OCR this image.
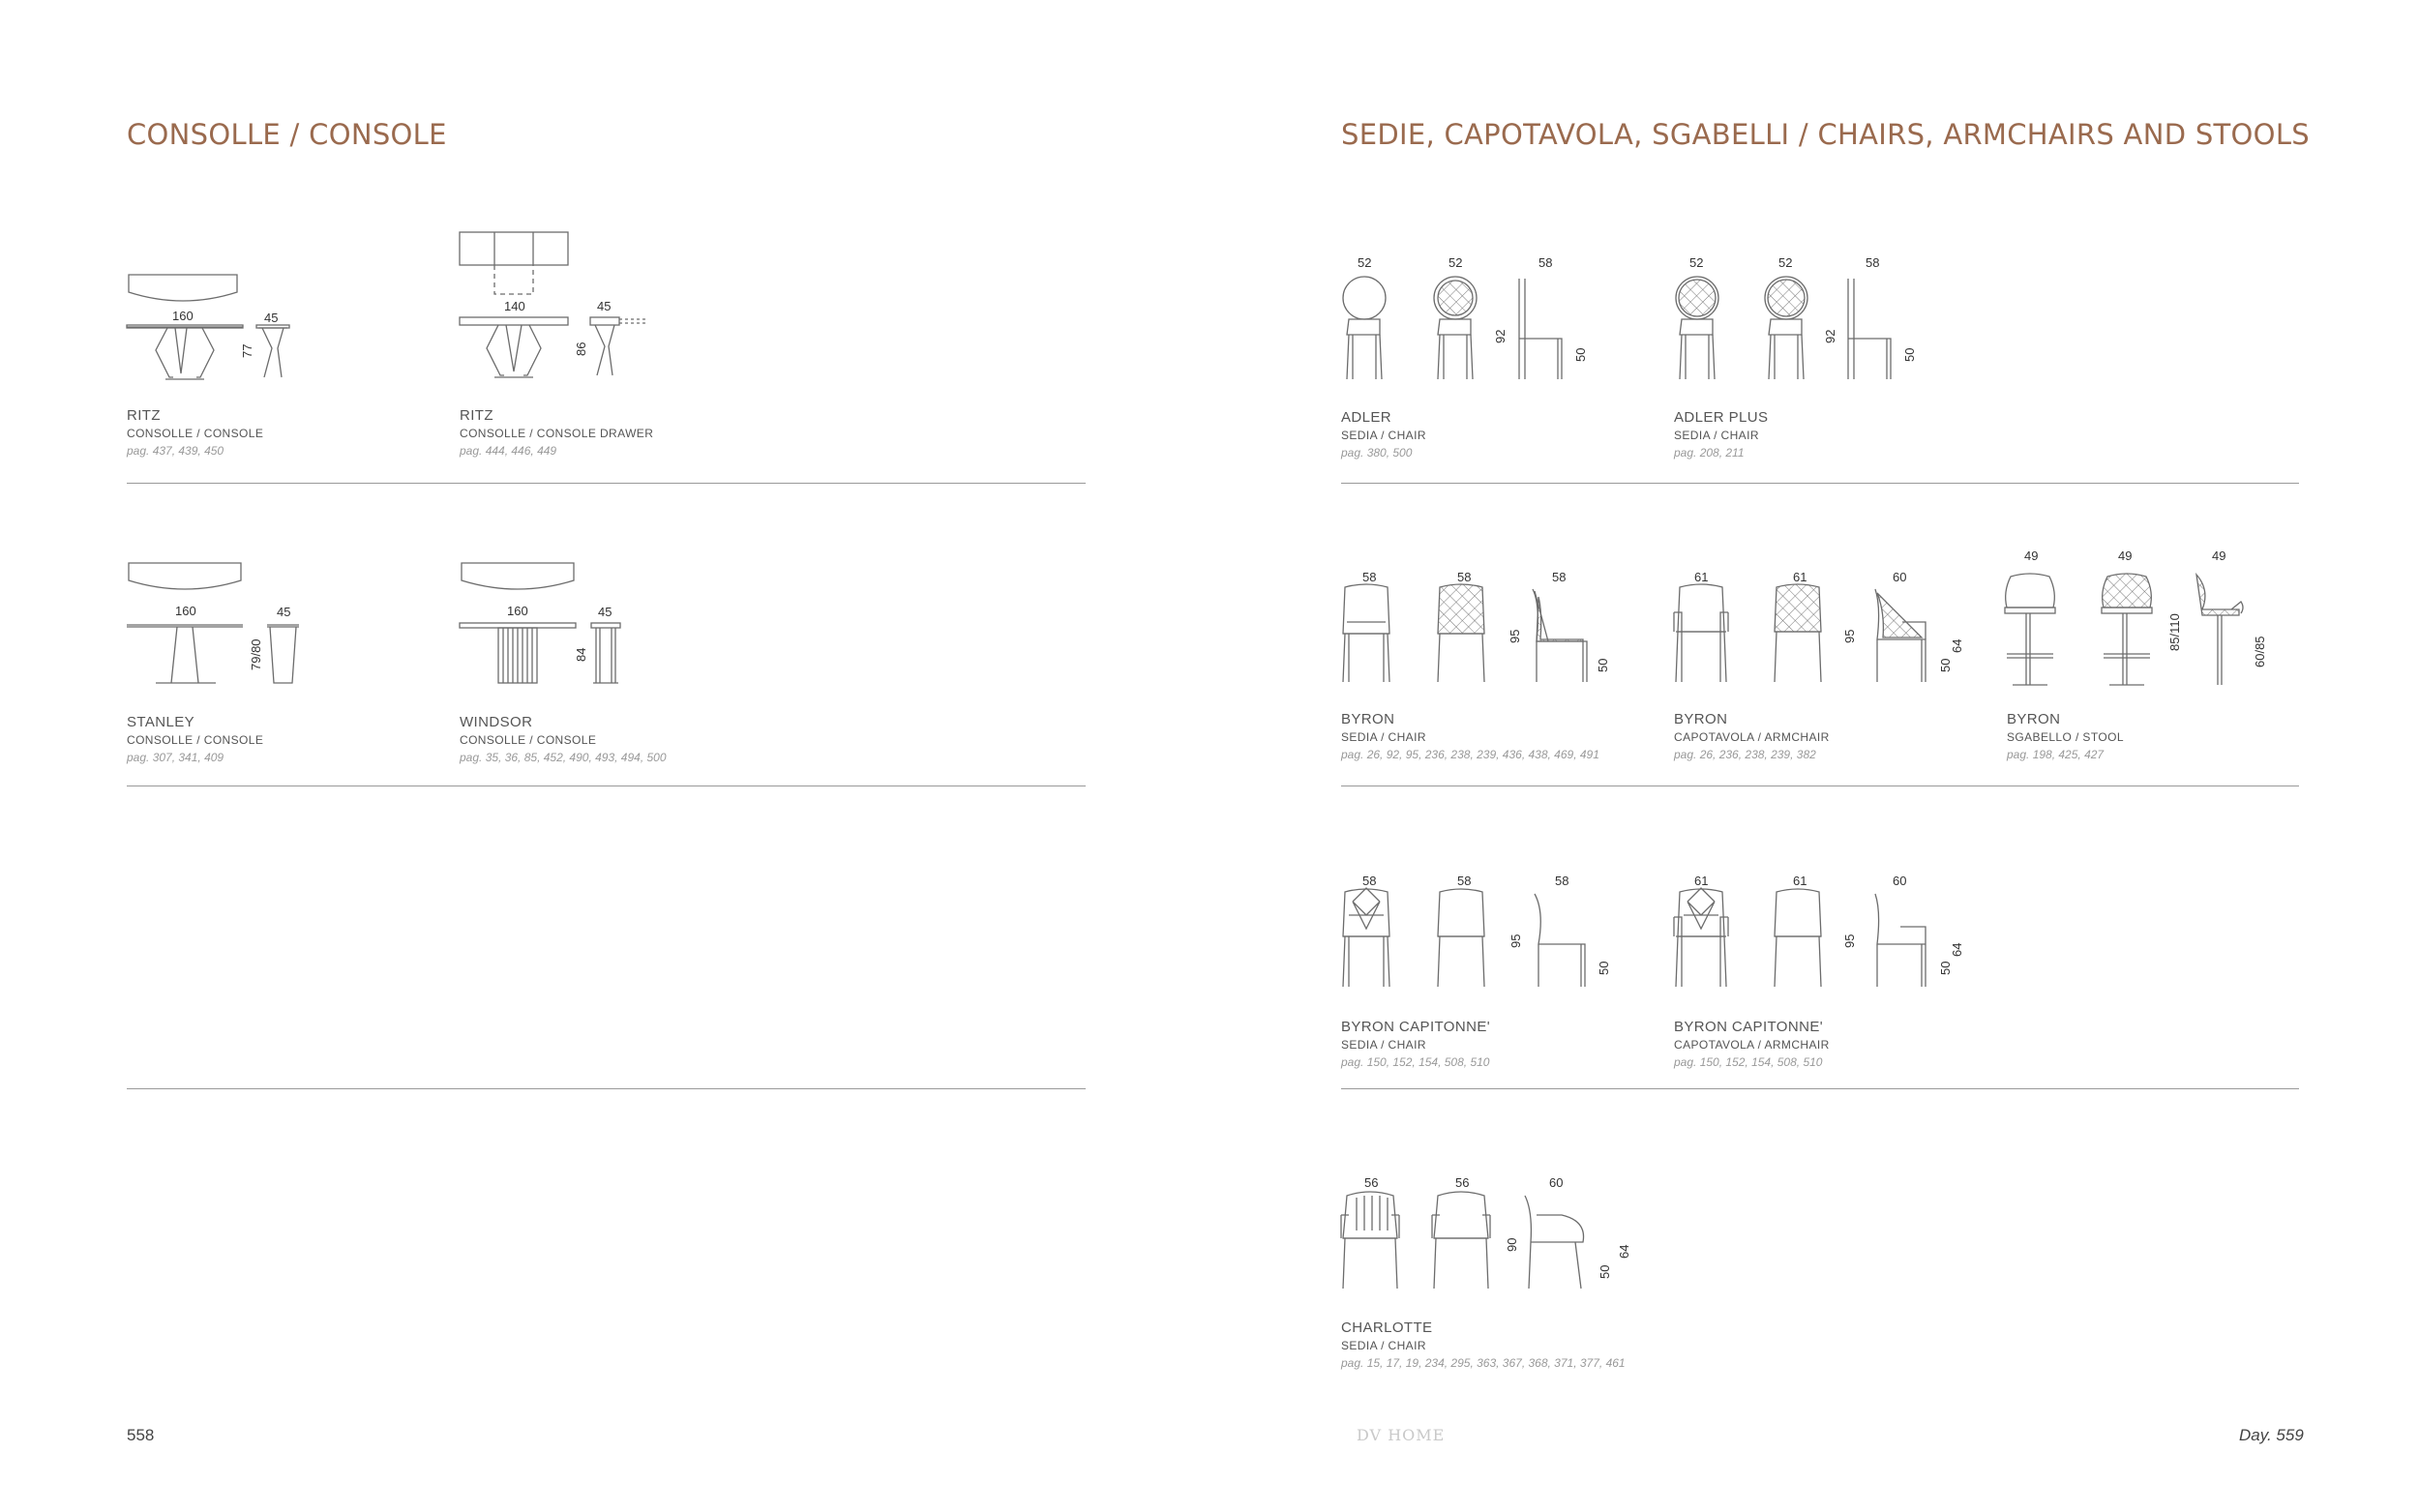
CONSOLLE / CONSOLE
160	45
77
RITZ
CONSOLLE / CONSOLE
pag. 437, 439, 450
140	45
86
RITZ
CONSOLLE / CONSOLE DRAWER
pag. 444, 446, 449
160	45
79/80
STANLEY
CONSOLLE / CONSOLE
pag. 307, 341, 409
160	45
84
WINDSOR
CONSOLLE / CONSOLE
pag. 35, 36, 85, 452, 490, 493, 494, 500
558
SEDIE, CAPOTAVOLA, SGABELLI / CHAIRS, ARMCHAIRS AND STOOLS
52	52	58
92
50
ADLER
SEDIA / CHAIR
pag. 380, 500
52	52	58
92
50
ADLER PLUS
SEDIA / CHAIR
pag. 208, 211
58	58	58
95
50
BYRON
SEDIA / CHAIR
pag. 26, 92, 95, 236, 238, 239, 436, 438, 469, 491
61	61	60
95
50
64
BYRON
CAPOTAVOLA / ARMCHAIR
pag. 26, 236, 238, 239, 382
49	49	49
85/110
60/85
BYRON
SGABELLO / STOOL
pag. 198, 425, 427
58	58	58
95
50
BYRON CAPITONNE'
SEDIA / CHAIR
pag. 150, 152, 154, 508, 510
61	61	60
95
50
64
BYRON CAPITONNE'
CAPOTAVOLA / ARMCHAIR
pag. 150, 152, 154, 508, 510
56	56	60
90
50
64
CHARLOTTE
SEDIA / CHAIR
pag. 15, 17, 19, 234, 295, 363, 367, 368, 371, 377, 461
DV HOME	Day. 559
